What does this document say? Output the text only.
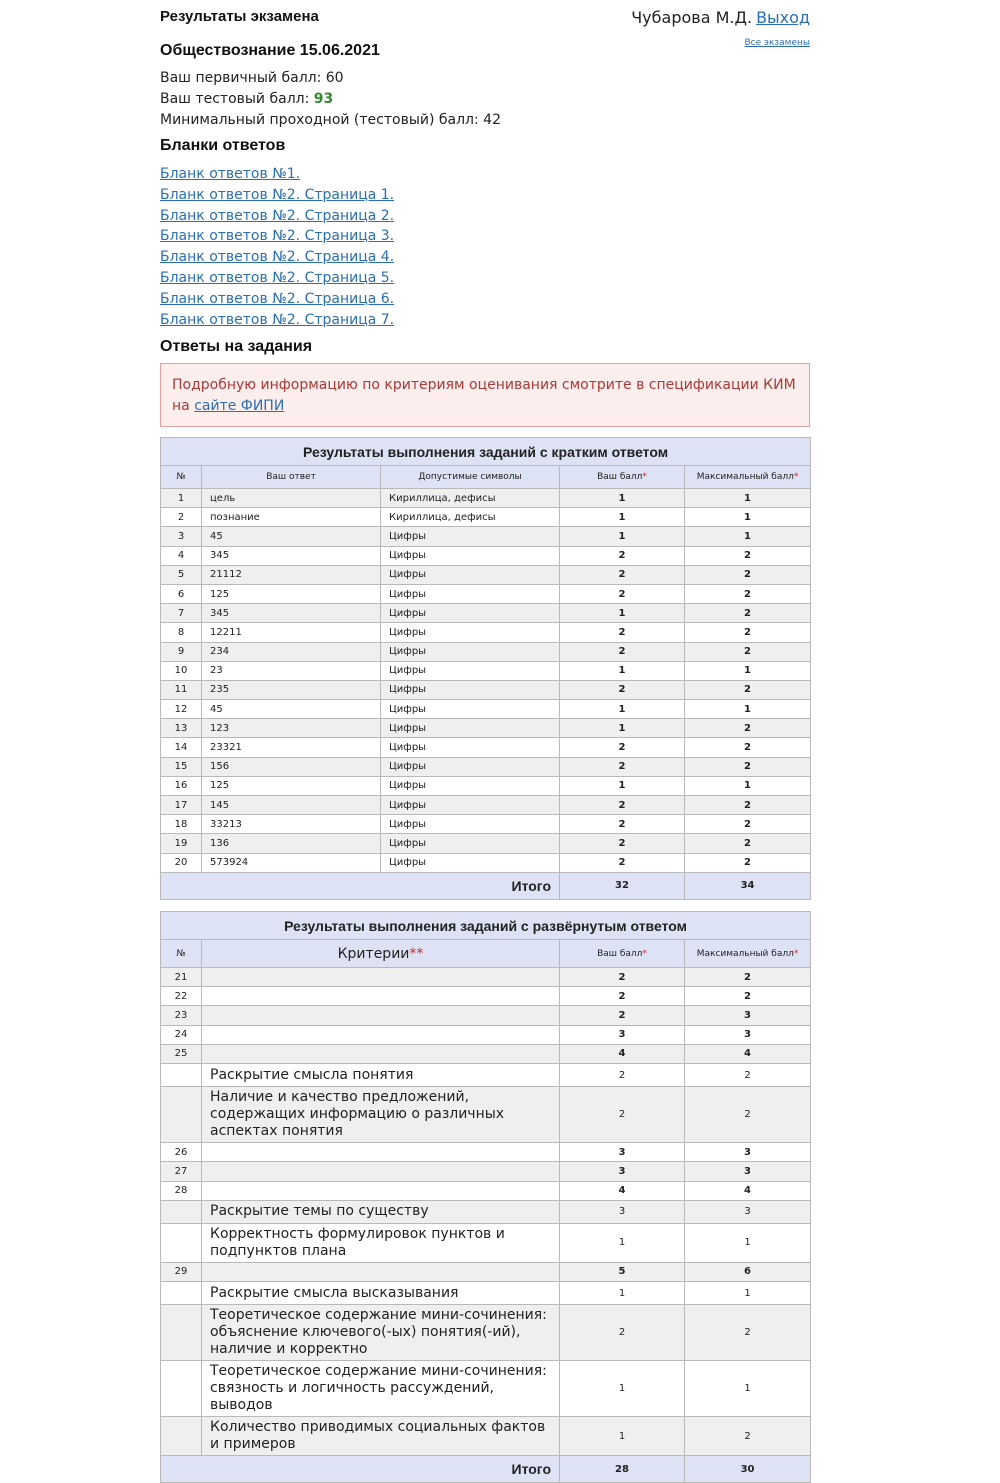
Результаты экзамена	Чубарова М.Д. Выход
Все экзамены
Обществознание 15.06.2021
Ваш первичный балл: 60
Ваш тестовый балл: 93
Минимальный проходной (тестовый) балл: 42
Бланки ответов
Бланк ответов №1.
Бланк ответов №2. Страница 1.
Бланк ответов №2. Страница 2.
Бланк ответов №2. Страница 3.
Бланк ответов №2. Страница 4.
Бланк ответов №2. Страница 5.
Бланк ответов №2. Страница 6.
Бланк ответов №2. Страница 7.
Ответы на задания
Подробную информацию по критериям оценивания смотрите в спецификации КИМ на сайте ФИПИ
Результаты выполнения заданий с кратким ответом				
№	Ваш ответ	Допустимые символы	Ваш балл*	Максимальный балл*
1	цель	Кириллица, дефисы	1	1
2	познание	Кириллица, дефисы	1	1
3	45	Цифры	1	1
4	345	Цифры	2	2
5	21112	Цифры	2	2
6	125	Цифры	2	2
7	345	Цифры	1	2
8	12211	Цифры	2	2
9	234	Цифры	2	2
10	23	Цифры	1	1
11	235	Цифры	2	2
12	45	Цифры	1	1
13	123	Цифры	1	2
14	23321	Цифры	2	2
15	156	Цифры	2	2
16	125	Цифры	1	1
17	145	Цифры	2	2
18	33213	Цифры	2	2
19	136	Цифры	2	2
20	573924	Цифры	2	2
Итого			32	34
Результаты выполнения заданий с развёрнутым ответом			
№	Критерии**	Ваш балл*	Максимальный балл*
21		2	2
22		2	2
23		2	3
24		3	3
25		4	4
	Раскрытие смысла понятия	2	2
	Наличие и качество предложений, содержащих информацию о различных аспектах понятия	2	2
26		3	3
27		3	3
28		4	4
	Раскрытие темы по существу	3	3
	Корректность формулировок пунктов и подпунктов плана	1	1
29		5	6
	Раскрытие смысла высказывания	1	1
	Теоретическое содержание мини-сочинения: объяснение ключевого(-ых) понятия(-ий), наличие и корректно	2	2
	Теоретическое содержание мини-сочинения: связность и логичность рассуждений, выводов	1	1
	Количество приводимых социальных фактов и примеров	1	2
Итого		28	30
